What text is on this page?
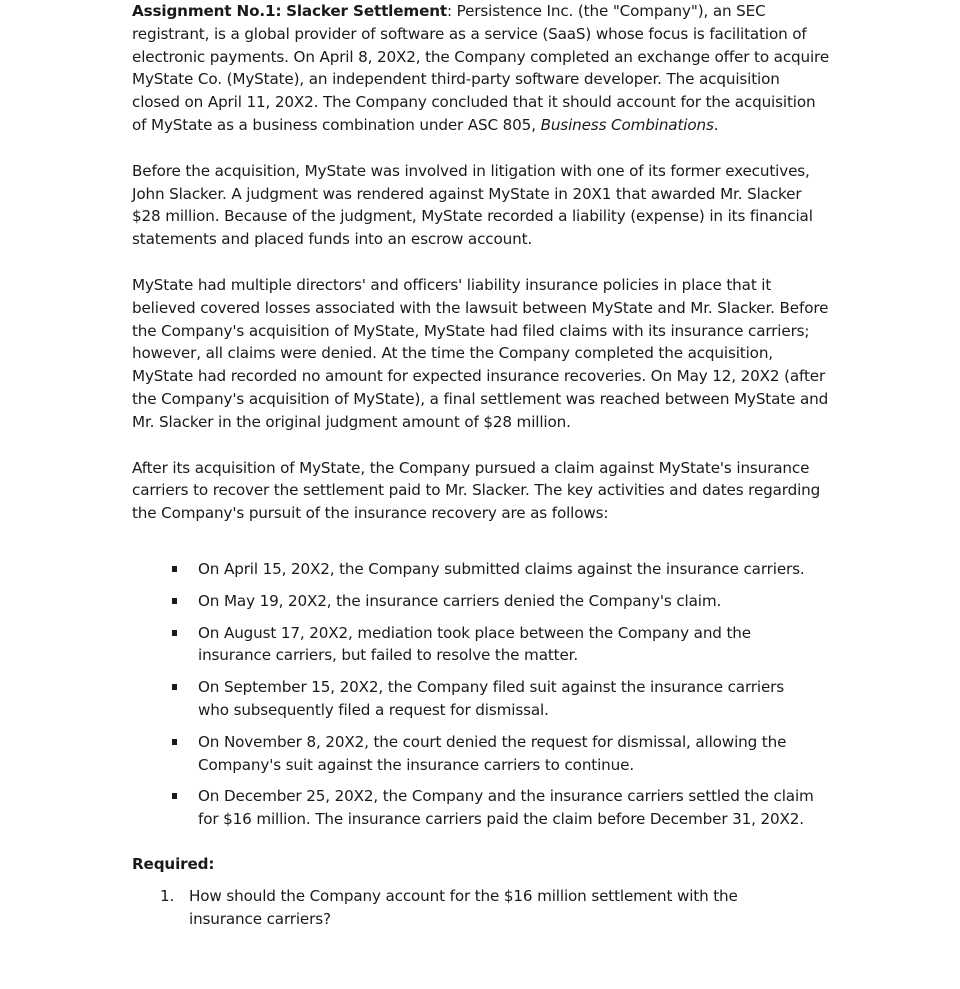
Assignment No.1: Slacker Settlement: Persistence Inc. (the "Company"), an SEC registrant, is a global provider of software as a service (SaaS) whose focus is facilitation of electronic payments. On April 8, 20X2, the Company completed an exchange offer to acquire MyState Co. (MyState), an independent third-party software developer. The acquisition closed on April 11, 20X2. The Company concluded that it should account for the acquisition of MyState as a business combination under ASC 805, Business Combinations.

Before the acquisition, MyState was involved in litigation with one of its former executives, John Slacker. A judgment was rendered against MyState in 20X1 that awarded Mr. Slacker $28 million. Because of the judgment, MyState recorded a liability (expense) in its financial statements and placed funds into an escrow account.

MyState had multiple directors' and officers' liability insurance policies in place that it believed covered losses associated with the lawsuit between MyState and Mr. Slacker. Before the Company's acquisition of MyState, MyState had filed claims with its insurance carriers; however, all claims were denied. At the time the Company completed the acquisition, MyState had recorded no amount for expected insurance recoveries. On May 12, 20X2 (after the Company's acquisition of MyState), a final settlement was reached between MyState and Mr. Slacker in the original judgment amount of $28 million.

After its acquisition of MyState, the Company pursued a claim against MyState's insurance carriers to recover the settlement paid to Mr. Slacker. The key activities and dates regarding the Company's pursuit of the insurance recovery are as follows:

On April 15, 20X2, the Company submitted claims against the insurance carriers.
On May 19, 20X2, the insurance carriers denied the Company's claim.
On August 17, 20X2, mediation took place between the Company and the insurance carriers, but failed to resolve the matter.
On September 15, 20X2, the Company filed suit against the insurance carriers who subsequently filed a request for dismissal.
On November 8, 20X2, the court denied the request for dismissal, allowing the Company's suit against the insurance carriers to continue.
On December 25, 20X2, the Company and the insurance carriers settled the claim for $16 million. The insurance carriers paid the claim before December 31, 20X2.

Required:

1. How should the Company account for the $16 million settlement with the insurance carriers?
